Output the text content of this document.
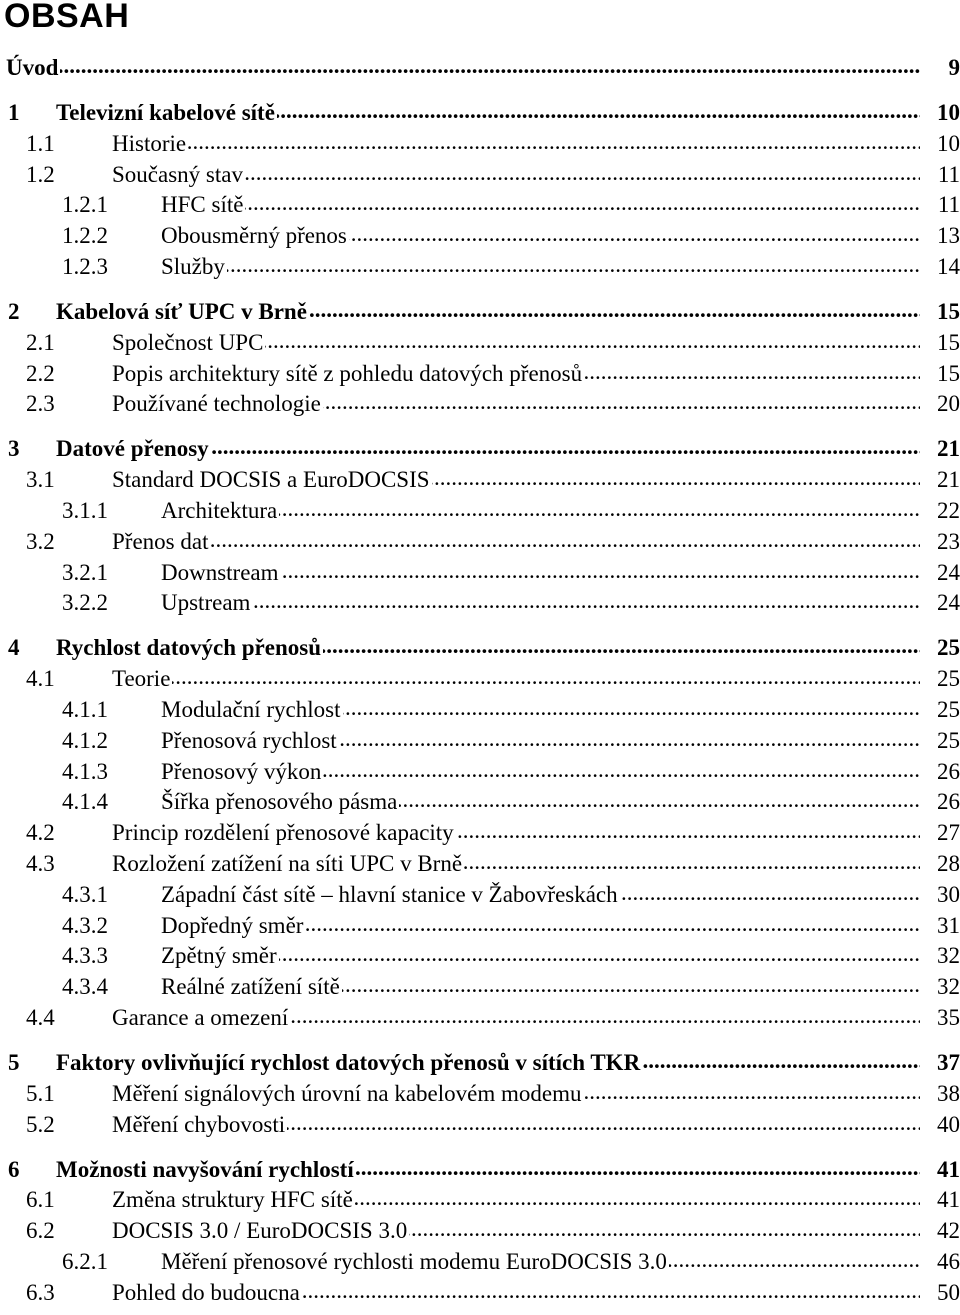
OBSAH
.....
Úvod	9
1 ..... Televizní kabelové sítě	10
1.1 ..... Historie	10
1.2 ..... Současný stav	11
1.2.1 ..... HFC sítě	11
1.2.2 ..... Obousměrný přenos	13
1.2.3 ..... Služby	14
2 ..... Kabelová síť UPC v Brně	15
2.1 ..... Společnost UPC	15
2.2 ..... Popis architektury sítě z pohledu datových přenosů	15
2.3 ..... Používané technologie	20
3 ..... Datové přenosy	21
3.1 ..... Standard DOCSIS a EuroDOCSIS	21
3.1.1 ..... Architektura	22
3.2 ..... Přenos dat	23
3.2.1 ..... Downstream	24
3.2.2 ..... Upstream	24
4 ..... Rychlost datových přenosů	25
4.1 ..... Teorie	25
4.1.1 ..... Modulační rychlost	25
4.1.2 ..... Přenosová rychlost	25
4.1.3 ..... Přenosový výkon	26
4.1.4 ..... Šířka přenosového pásma	26
4.2 ..... Princip rozdělení přenosové kapacity	27
4.3 ..... Rozložení zatížení na síti UPC v Brně	28
4.3.1 ..... Západní část sítě – hlavní stanice v Žabovřeskách	30
4.3.2 ..... Dopředný směr	31
4.3.3 ..... Zpětný směr	32
4.3.4 ..... Reálné zatížení sítě	32
4.4 ..... Garance a omezení	35
5 ..... Faktory ovlivňující rychlost datových přenosů v sítích TKR	37
5.1 ..... Měření signálových úrovní na kabelovém modemu	38
5.2 ..... Měření chybovosti	40
6 ..... Možnosti navyšování rychlostí	41
6.1 ..... Změna struktury HFC sítě	41
6.2 ..... DOCSIS 3.0 / EuroDOCSIS 3.0	42
6.2.1 ..... Měření přenosové rychlosti modemu EuroDOCSIS 3.0	46
6.3 ..... Pohled do budoucna	50
